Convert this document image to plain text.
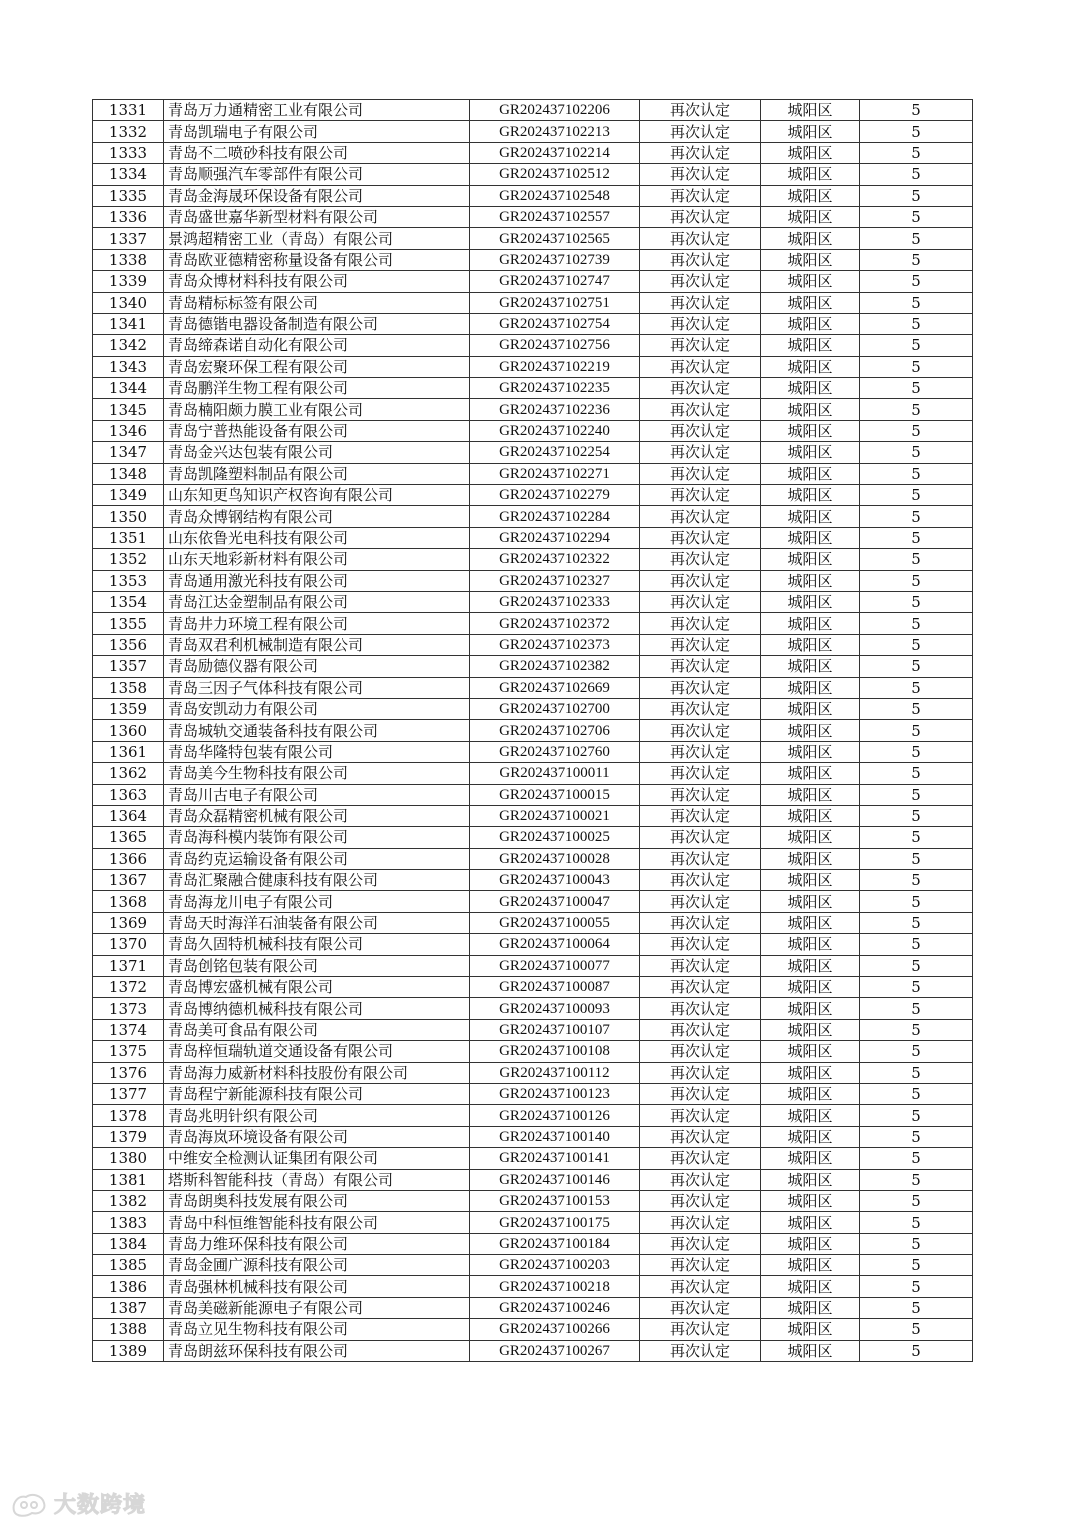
1331	青岛万力通精密工业有限公司	GR202437102206	再次认定	城阳区	5
1332	青岛凯瑞电子有限公司	GR202437102213	再次认定	城阳区	5
1333	青岛不二喷砂科技有限公司	GR202437102214	再次认定	城阳区	5
1334	青岛顺强汽车零部件有限公司	GR202437102512	再次认定	城阳区	5
1335	青岛金海晟环保设备有限公司	GR202437102548	再次认定	城阳区	5
1336	青岛盛世嘉华新型材料有限公司	GR202437102557	再次认定	城阳区	5
1337	景鸿超精密工业（青岛）有限公司	GR202437102565	再次认定	城阳区	5
1338	青岛欧亚德精密称量设备有限公司	GR202437102739	再次认定	城阳区	5
1339	青岛众博材料科技有限公司	GR202437102747	再次认定	城阳区	5
1340	青岛精标标签有限公司	GR202437102751	再次认定	城阳区	5
1341	青岛德锴电器设备制造有限公司	GR202437102754	再次认定	城阳区	5
1342	青岛缔森诺自动化有限公司	GR202437102756	再次认定	城阳区	5
1343	青岛宏聚环保工程有限公司	GR202437102219	再次认定	城阳区	5
1344	青岛鹏洋生物工程有限公司	GR202437102235	再次认定	城阳区	5
1345	青岛楠阳颇力膜工业有限公司	GR202437102236	再次认定	城阳区	5
1346	青岛宁普热能设备有限公司	GR202437102240	再次认定	城阳区	5
1347	青岛金兴达包装有限公司	GR202437102254	再次认定	城阳区	5
1348	青岛凯隆塑料制品有限公司	GR202437102271	再次认定	城阳区	5
1349	山东知更鸟知识产权咨询有限公司	GR202437102279	再次认定	城阳区	5
1350	青岛众博钢结构有限公司	GR202437102284	再次认定	城阳区	5
1351	山东依鲁光电科技有限公司	GR202437102294	再次认定	城阳区	5
1352	山东天地彩新材料有限公司	GR202437102322	再次认定	城阳区	5
1353	青岛通用激光科技有限公司	GR202437102327	再次认定	城阳区	5
1354	青岛江达金塑制品有限公司	GR202437102333	再次认定	城阳区	5
1355	青岛井力环境工程有限公司	GR202437102372	再次认定	城阳区	5
1356	青岛双君利机械制造有限公司	GR202437102373	再次认定	城阳区	5
1357	青岛励德仪器有限公司	GR202437102382	再次认定	城阳区	5
1358	青岛三因子气体科技有限公司	GR202437102669	再次认定	城阳区	5
1359	青岛安凯动力有限公司	GR202437102700	再次认定	城阳区	5
1360	青岛城轨交通装备科技有限公司	GR202437102706	再次认定	城阳区	5
1361	青岛华隆特包装有限公司	GR202437102760	再次认定	城阳区	5
1362	青岛美今生物科技有限公司	GR202437100011	再次认定	城阳区	5
1363	青岛川古电子有限公司	GR202437100015	再次认定	城阳区	5
1364	青岛众磊精密机械有限公司	GR202437100021	再次认定	城阳区	5
1365	青岛海科模内装饰有限公司	GR202437100025	再次认定	城阳区	5
1366	青岛约克运输设备有限公司	GR202437100028	再次认定	城阳区	5
1367	青岛汇聚融合健康科技有限公司	GR202437100043	再次认定	城阳区	5
1368	青岛海龙川电子有限公司	GR202437100047	再次认定	城阳区	5
1369	青岛天时海洋石油装备有限公司	GR202437100055	再次认定	城阳区	5
1370	青岛久固特机械科技有限公司	GR202437100064	再次认定	城阳区	5
1371	青岛创铭包装有限公司	GR202437100077	再次认定	城阳区	5
1372	青岛博宏盛机械有限公司	GR202437100087	再次认定	城阳区	5
1373	青岛博纳德机械科技有限公司	GR202437100093	再次认定	城阳区	5
1374	青岛美可食品有限公司	GR202437100107	再次认定	城阳区	5
1375	青岛梓恒瑞轨道交通设备有限公司	GR202437100108	再次认定	城阳区	5
1376	青岛海力威新材料科技股份有限公司	GR202437100112	再次认定	城阳区	5
1377	青岛程宁新能源科技有限公司	GR202437100123	再次认定	城阳区	5
1378	青岛兆明针织有限公司	GR202437100126	再次认定	城阳区	5
1379	青岛海岚环境设备有限公司	GR202437100140	再次认定	城阳区	5
1380	中维安全检测认证集团有限公司	GR202437100141	再次认定	城阳区	5
1381	塔斯科智能科技（青岛）有限公司	GR202437100146	再次认定	城阳区	5
1382	青岛朗奥科技发展有限公司	GR202437100153	再次认定	城阳区	5
1383	青岛中科恒维智能科技有限公司	GR202437100175	再次认定	城阳区	5
1384	青岛力维环保科技有限公司	GR202437100184	再次认定	城阳区	5
1385	青岛金圃广源科技有限公司	GR202437100203	再次认定	城阳区	5
1386	青岛强林机械科技有限公司	GR202437100218	再次认定	城阳区	5
1387	青岛美磁新能源电子有限公司	GR202437100246	再次认定	城阳区	5
1388	青岛立见生物科技有限公司	GR202437100266	再次认定	城阳区	5
1389	青岛朗兹环保科技有限公司	GR202437100267	再次认定	城阳区	5
大数跨境
